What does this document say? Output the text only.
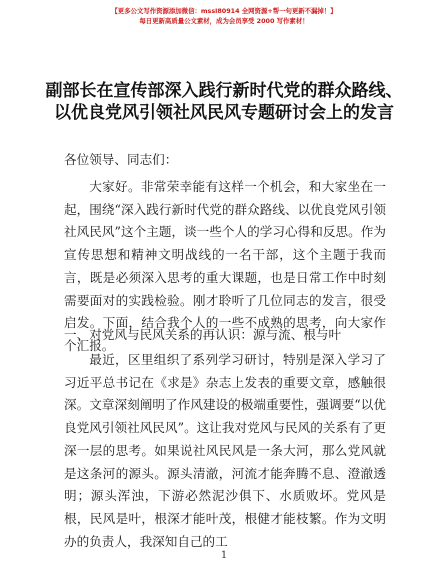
【更多公文写作资源添加微信：mssl80914 全网资源+帮一句更新不漏掉！】
每日更新高质量公文素材，成为会员享受 2000 写作素材！
副部长在宣传部深入践行新时代党的群众路线、以优良党风引领社风民风专题研讨会上的发言
各位领导、同志们：
大家好。非常荣幸能有这样一个机会，和大家坐在一起，围绕“深入践行新时代党的群众路线、以优良党风引领社风民风”这个主题，谈一些个人的学习心得和反思。作为宣传思想和精神文明战线的一名干部，这个主题于我而言，既是必须深入思考的重大课题，也是日常工作中时刻需要面对的实践检验。刚才聆听了几位同志的发言，很受启发。下面，结合我个人的一些不成熟的思考，向大家作个汇报。
一、对党风与民风关系的再认识：源与流、根与叶
最近，区里组织了系列学习研讨，特别是深入学习了习近平总书记在《求是》杂志上发表的重要文章，感触很深。文章深刻阐明了作风建设的极端重要性，强调要“以优良党风引领社风民风”。这让我对党风与民风的关系有了更深一层的思考。如果说社风民风是一条大河，那么党风就是这条河的源头。源头清澈，河流才能奔腾不息、澄澈透明；源头浑浊，下游必然泥沙俱下、水质败坏。党风是根，民风是叶，根深才能叶茂，根健才能枝繁。作为文明办的负责人，我深知自己的工
1
